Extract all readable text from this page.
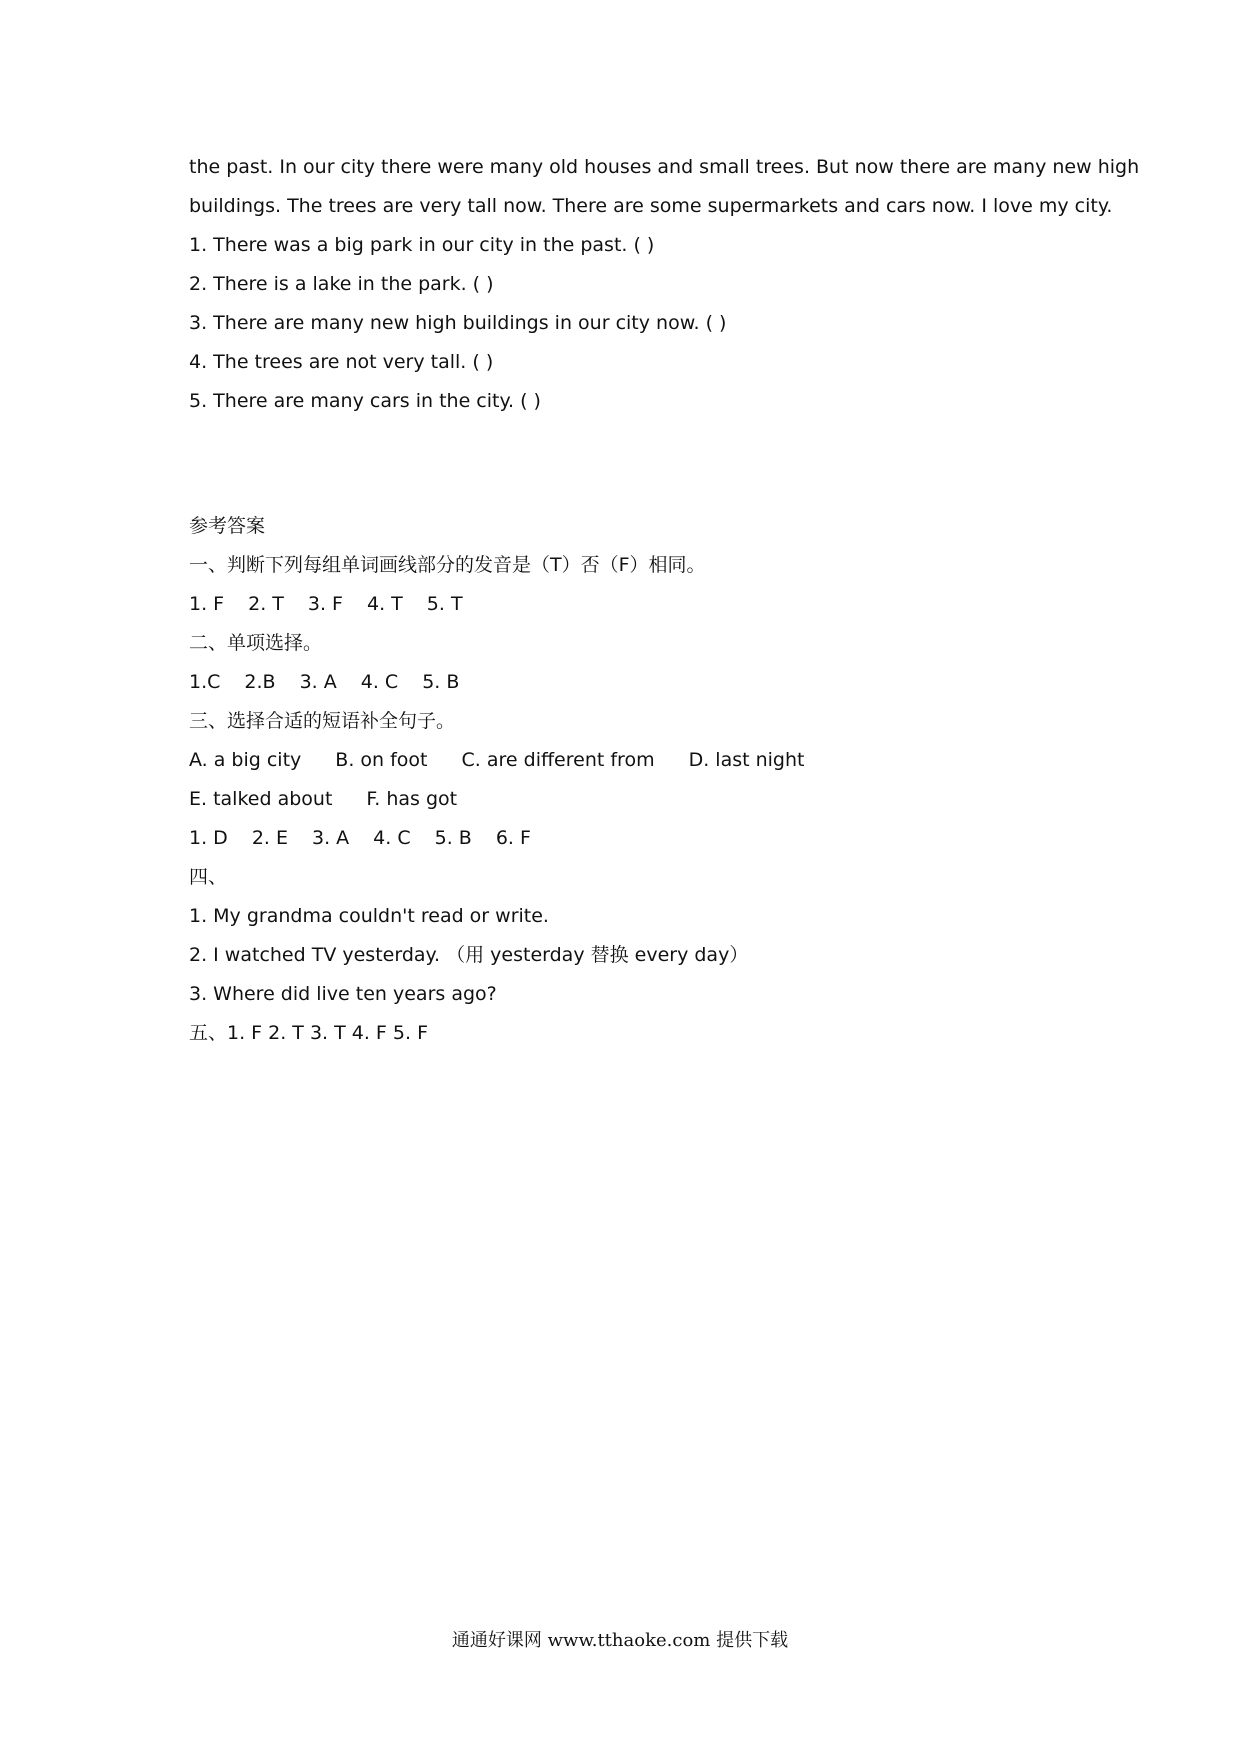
the past. In our city there were many old houses and small trees. But now there are many new high
buildings. The trees are very tall now. There are some supermarkets and cars now. I love my city.
1. There was a big park in our city in the past. ( )
2. There is a lake in the park. ( )
3. There are many new high buildings in our city now. ( )
4. The trees are not very tall. ( )
5. There are many cars in the city. ( )
参考答案
一、判断下列每组单词画线部分的发音是（T）否（F）相同。
1. F 2. T 3. F 4. T 5. T
二、单项选择。
1.C 2.B 3. A 4. C 5. B
三、选择合适的短语补全句子。
A. a big city B. on foot C. are different from D. last night
E. talked about F. has got
1. D 2. E 3. A 4. C 5. B 6. F
四、
1. My grandma couldn't read or write.
2. I watched TV yesterday. （用 yesterday 替换 every day）
3. Where did live ten years ago?
五、1. F 2. T 3. T 4. F 5. F
通通好课网 www.tthaoke.com 提供下载
